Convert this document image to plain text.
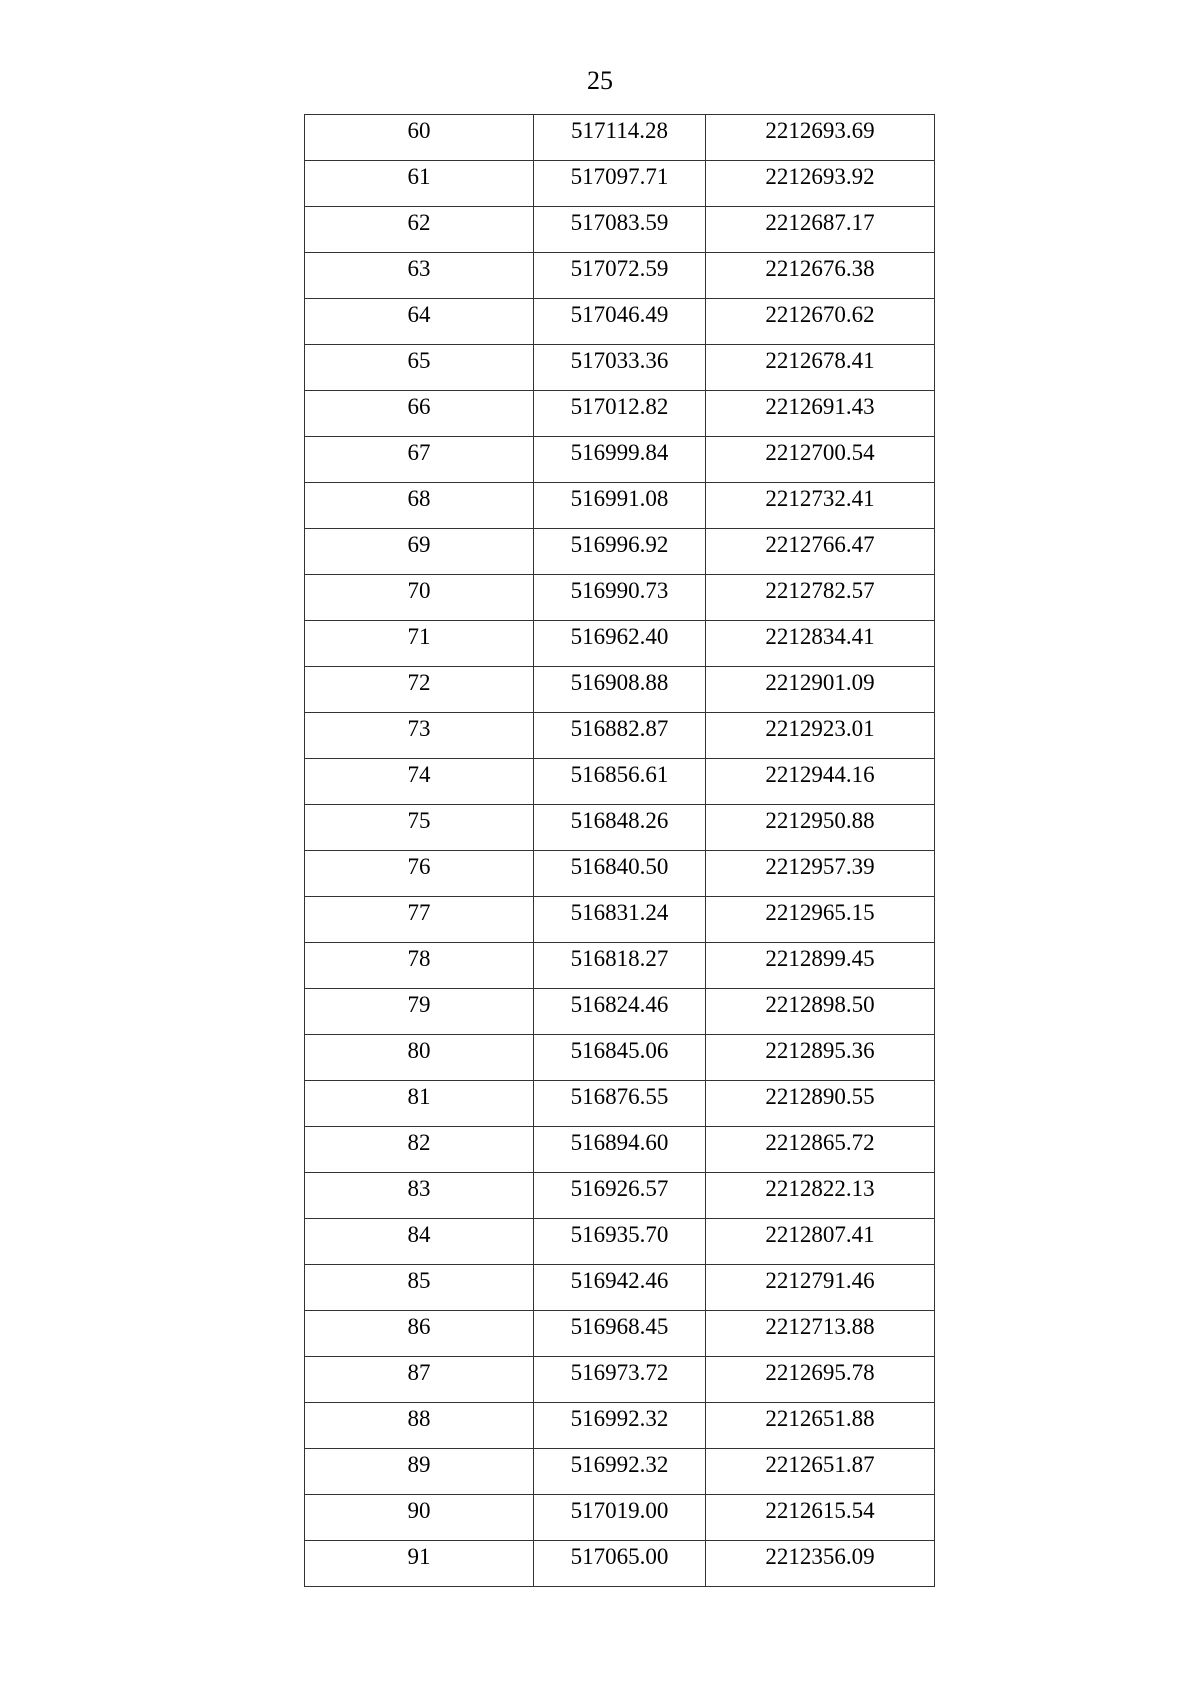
25
60	517114.28	2212693.69
61	517097.71	2212693.92
62	517083.59	2212687.17
63	517072.59	2212676.38
64	517046.49	2212670.62
65	517033.36	2212678.41
66	517012.82	2212691.43
67	516999.84	2212700.54
68	516991.08	2212732.41
69	516996.92	2212766.47
70	516990.73	2212782.57
71	516962.40	2212834.41
72	516908.88	2212901.09
73	516882.87	2212923.01
74	516856.61	2212944.16
75	516848.26	2212950.88
76	516840.50	2212957.39
77	516831.24	2212965.15
78	516818.27	2212899.45
79	516824.46	2212898.50
80	516845.06	2212895.36
81	516876.55	2212890.55
82	516894.60	2212865.72
83	516926.57	2212822.13
84	516935.70	2212807.41
85	516942.46	2212791.46
86	516968.45	2212713.88
87	516973.72	2212695.78
88	516992.32	2212651.88
89	516992.32	2212651.87
90	517019.00	2212615.54
91	517065.00	2212356.09
